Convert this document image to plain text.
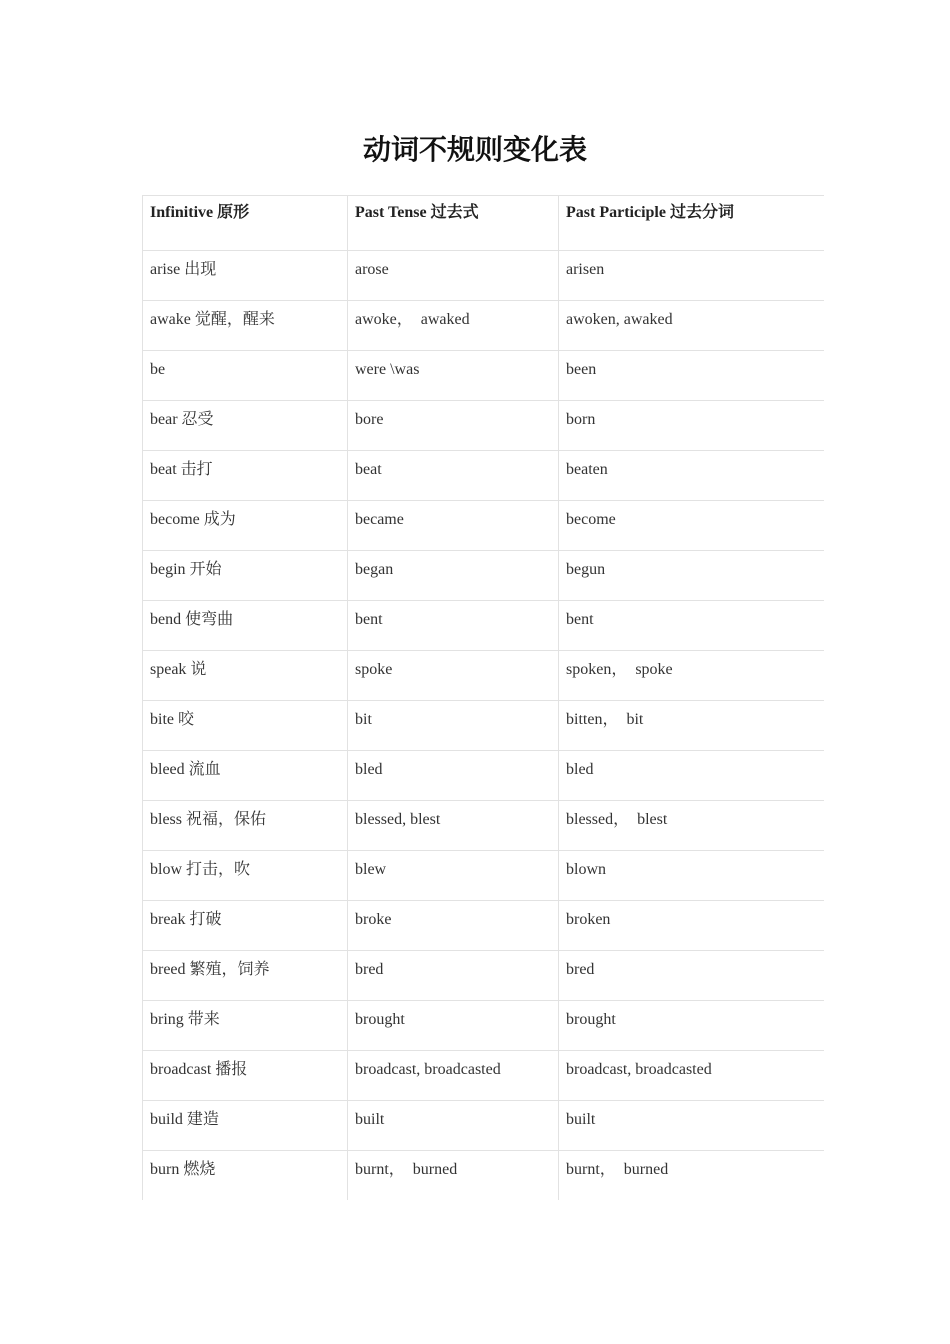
动词不规则变化表
Infinitive 原形	Past Tense 过去式	Past Participle 过去分词
arise 出现	arose	arisen
awake 觉醒，醒来	awoke，  awaked	awoken, awaked
be	were \was	been
bear 忍受	bore	born
beat 击打	beat	beaten
become 成为	became	become
begin 开始	began	begun
bend 使弯曲	bent	bent
speak 说	spoke	spoken，  spoke
bite 咬	bit	bitten，  bit
bleed 流血	bled	bled
bless 祝福，保佑	blessed, blest	blessed，  blest
blow 打击，吹	blew	blown
break 打破	broke	broken
breed 繁殖，饲养	bred	bred
bring 带来	brought	brought
broadcast 播报	broadcast, broadcasted	broadcast, broadcasted
build 建造	built	built
burn 燃烧	burnt，  burned	burnt，  burned
